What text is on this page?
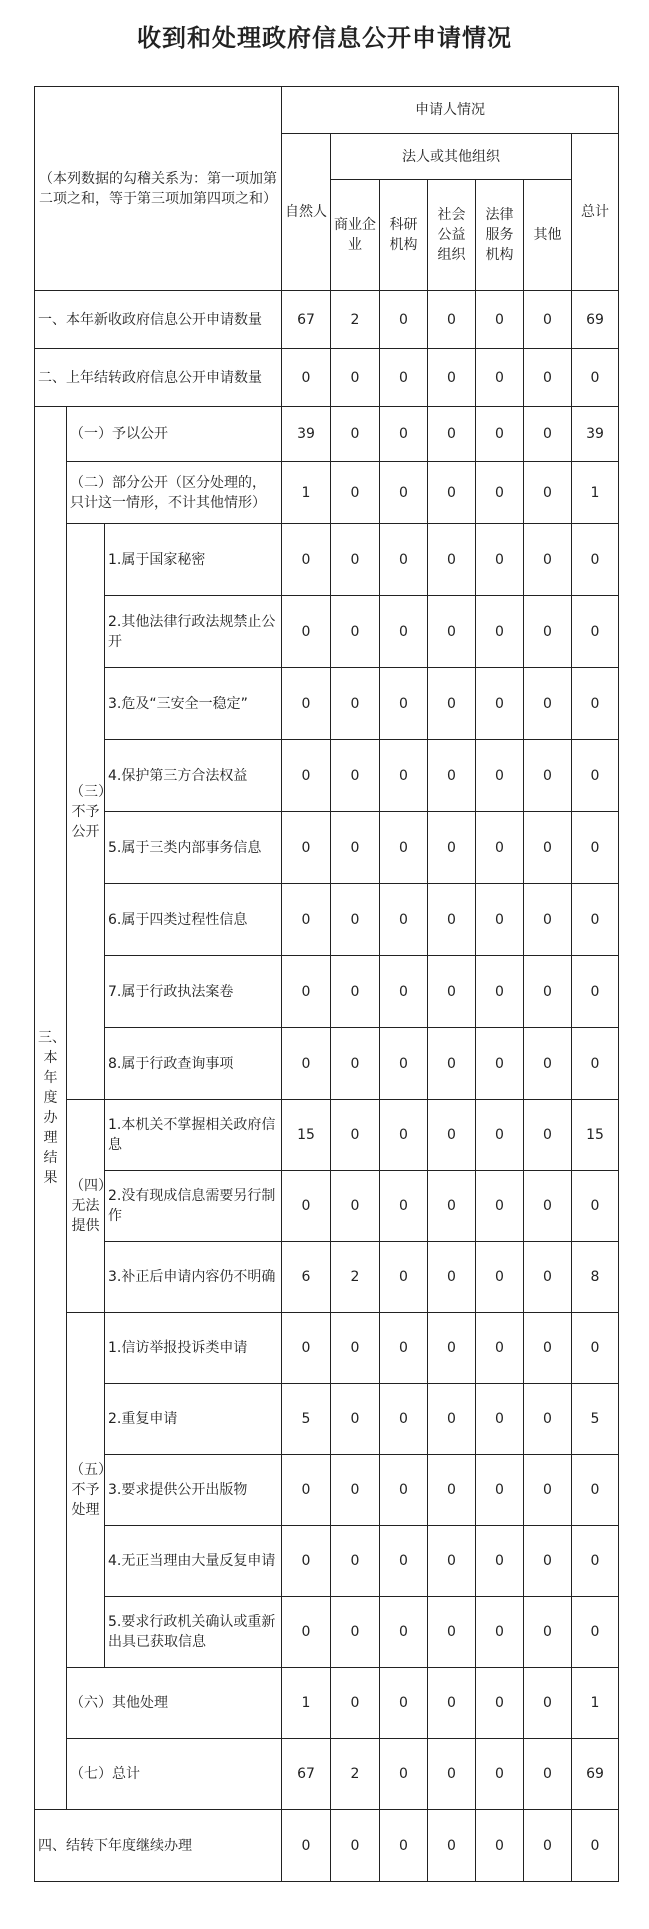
收到和处理政府信息公开申请情况
（本列数据的勾稽关系为：第一项加第二项之和，等于第三项加第四项之和）			申请人情况						
			自然人	法人或其他组织					总计
				商业企业	科研机构	社会公益组织	法律服务机构	其他	
一、本年新收政府信息公开申请数量			67	2	0	0	0	0	69
二、上年结转政府信息公开申请数量			0	0	0	0	0	0	0
三、本年度办理结果	（一）予以公开		39	0	0	0	0	0	39
	（二）部分公开（区分处理的，只计这一情形，不计其他情形）		1	0	0	0	0	0	1
	（三）不予公开	1.属于国家秘密	0	0	0	0	0	0	0
		2.其他法律行政法规禁止公开	0	0	0	0	0	0	0
		3.危及“三安全一稳定”	0	0	0	0	0	0	0
		4.保护第三方合法权益	0	0	0	0	0	0	0
		5.属于三类内部事务信息	0	0	0	0	0	0	0
		6.属于四类过程性信息	0	0	0	0	0	0	0
		7.属于行政执法案卷	0	0	0	0	0	0	0
		8.属于行政查询事项	0	0	0	0	0	0	0
	（四）无法提供	1.本机关不掌握相关政府信息	15	0	0	0	0	0	15
		2.没有现成信息需要另行制作	0	0	0	0	0	0	0
		3.补正后申请内容仍不明确	6	2	0	0	0	0	8
	（五）不予处理	1.信访举报投诉类申请	0	0	0	0	0	0	0
		2.重复申请	5	0	0	0	0	0	5
		3.要求提供公开出版物	0	0	0	0	0	0	0
		4.无正当理由大量反复申请	0	0	0	0	0	0	0
		5.要求行政机关确认或重新出具已获取信息	0	0	0	0	0	0	0
	（六）其他处理		1	0	0	0	0	0	1
	（七）总计		67	2	0	0	0	0	69
四、结转下年度继续办理			0	0	0	0	0	0	0
